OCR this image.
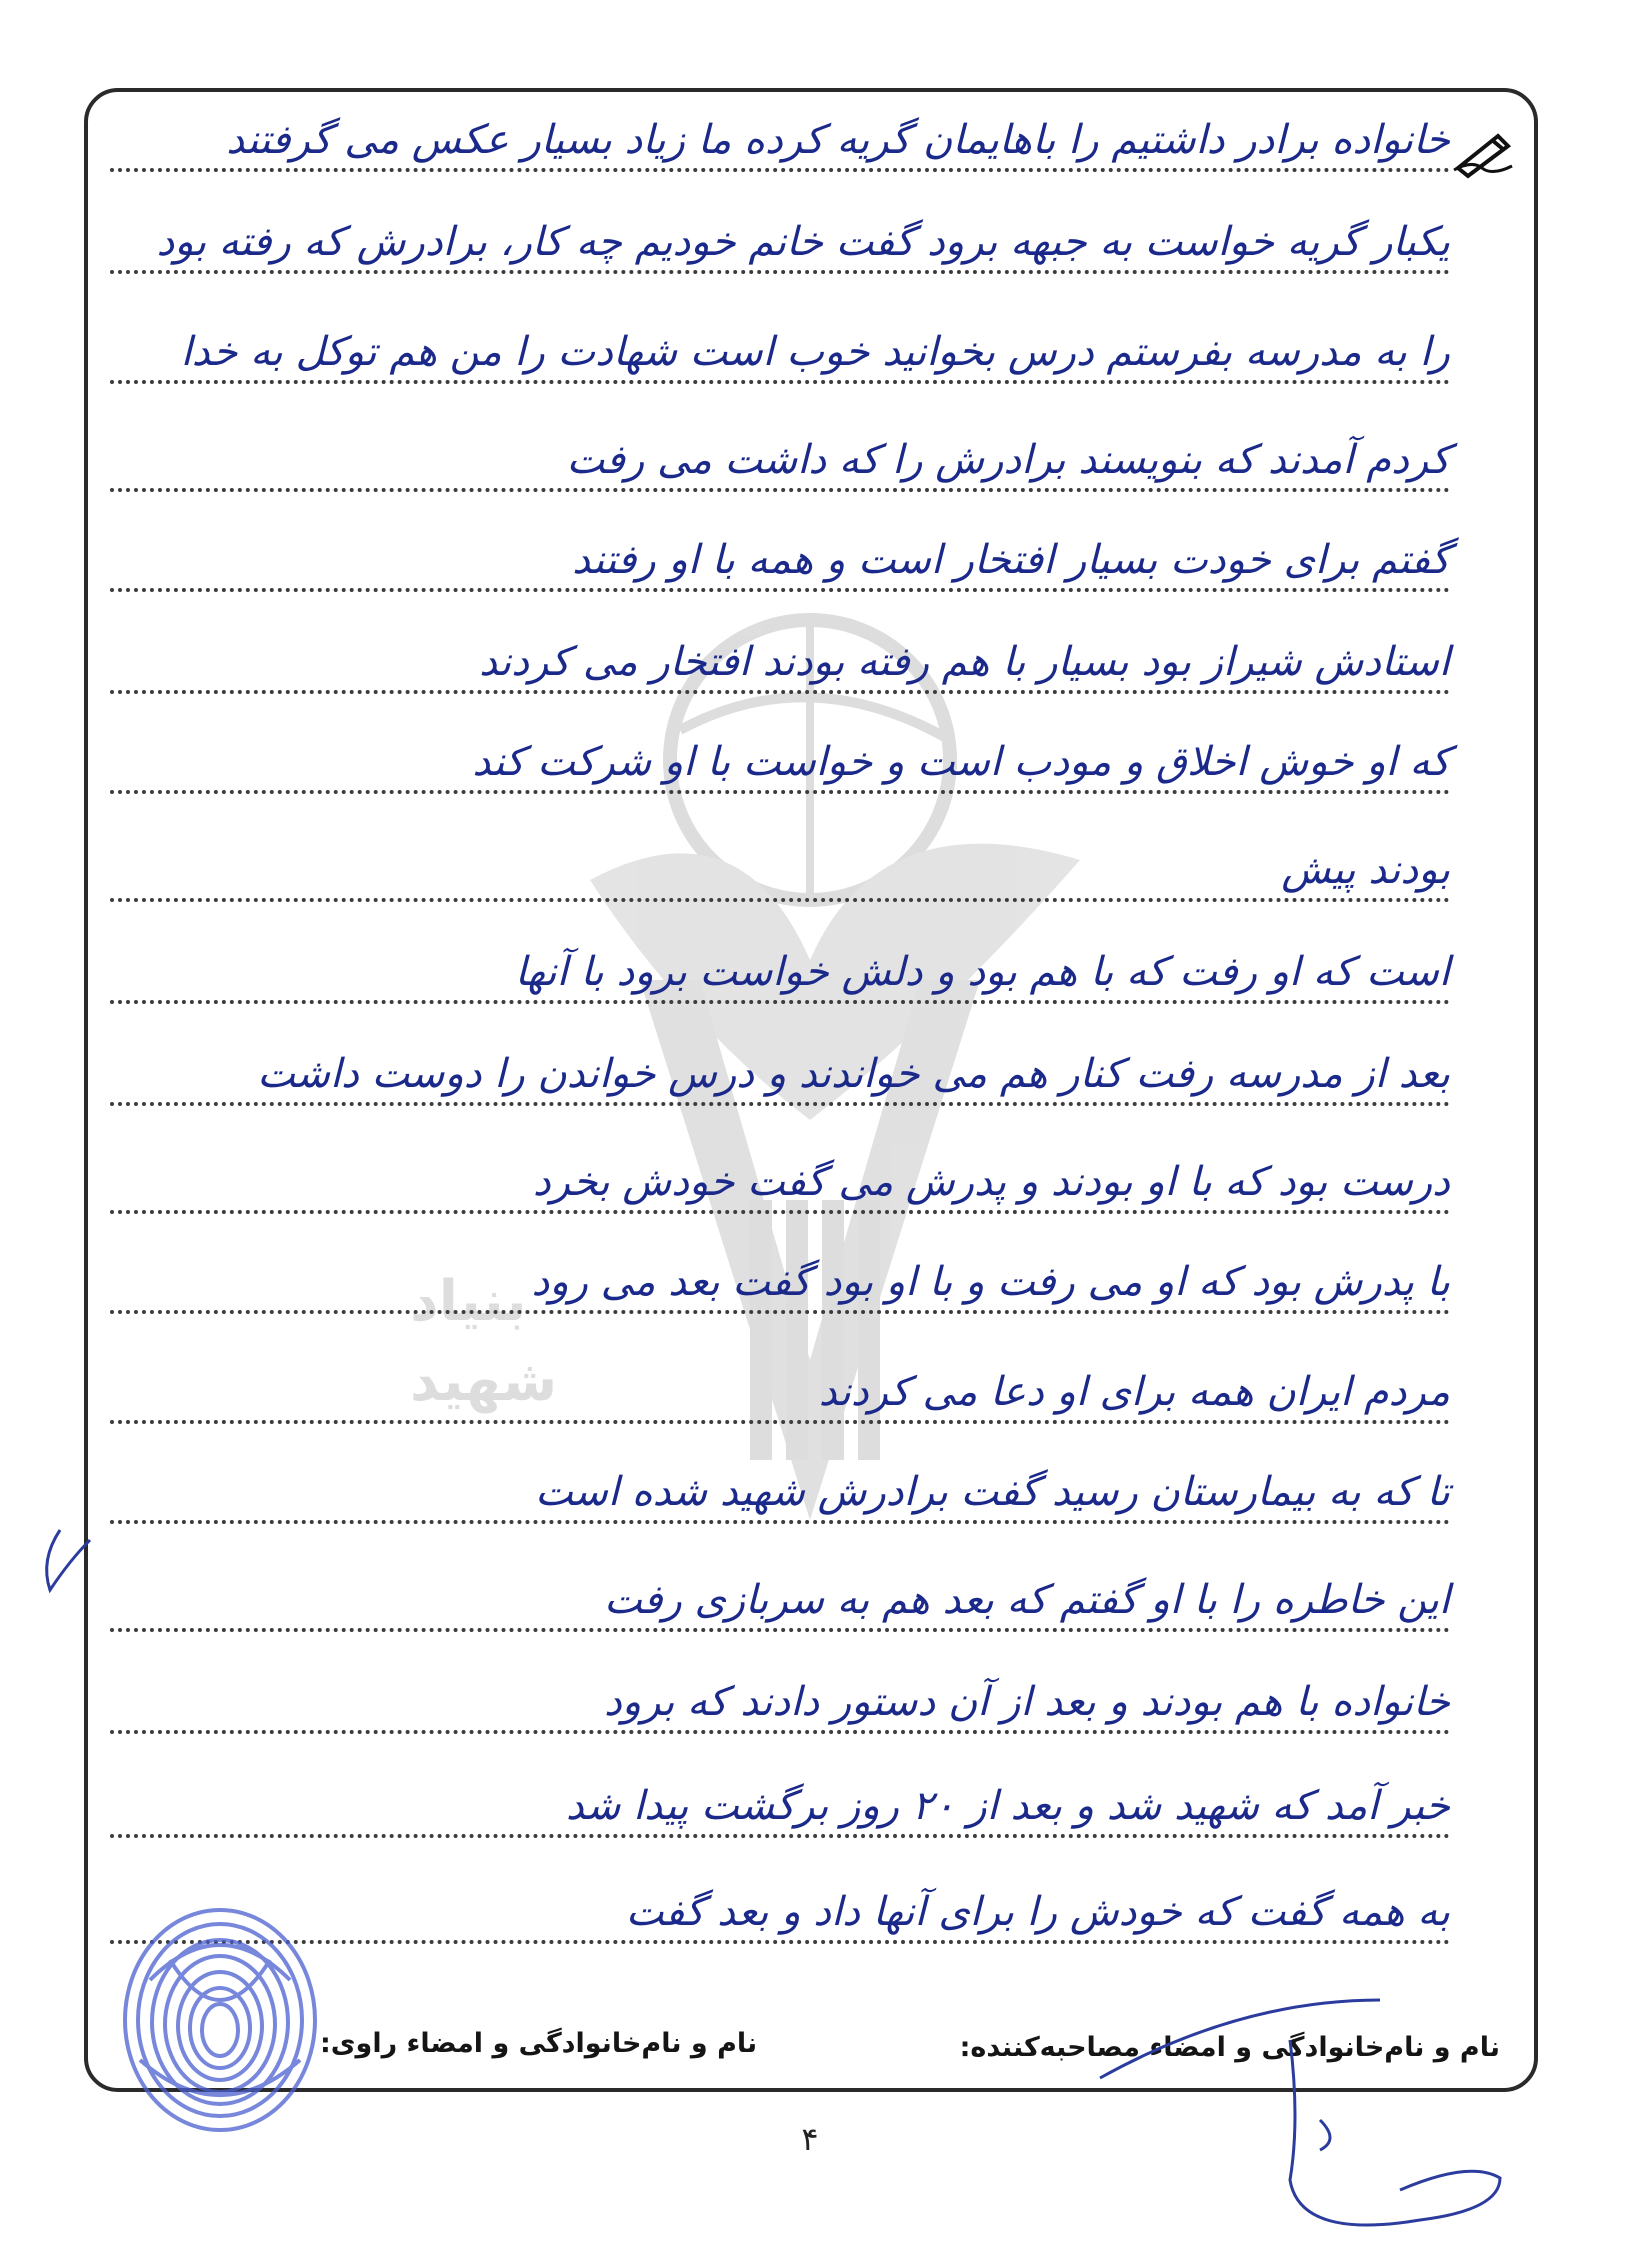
بنیاد
شهید
خانواده برادر داشتیم را باهایمان گریه کرده ما زیاد بسیار عکس می گرفتند
یکبار گریه خواست به جبهه برود گفت خانم خودیم چه کار، برادرش که رفته بود
را به مدرسه بفرستم درس بخوانید خوب است شهادت را من هم توکل به خدا
کردم آمدند که بنویسند برادرش را که داشت می رفت
گفتم برای خودت بسیار افتخار است و همه با او رفتند
استادش شیراز بود بسیار با هم رفته بودند افتخار می کردند
که او خوش اخلاق و مودب است و خواست با او شرکت کند
بودند پیش
است که او رفت که با هم بود و دلش خواست برود با آنها
بعد از مدرسه رفت کنار هم می خواندند و درس خواندن را دوست داشت
درست بود که با او بودند و پدرش می گفت خودش بخرد
با پدرش بود که او می رفت و با او بود گفت بعد می رود
مردم ایران همه برای او دعا می کردند
تا که به بیمارستان رسید گفت برادرش شهید شده است
این خاطره را با او گفتم که بعد هم به سربازی رفت
خانواده با هم بودند و بعد از آن دستور دادند که برود
خبر آمد که شهید شد و بعد از ۲۰ روز برگشت پیدا شد
به همه گفت که خودش را برای آنها داد و بعد گفت
نام و نام‌خانوادگی و امضاء مصاحبه‌کننده:
نام و نام‌خانوادگی و امضاء راوی:
۴
